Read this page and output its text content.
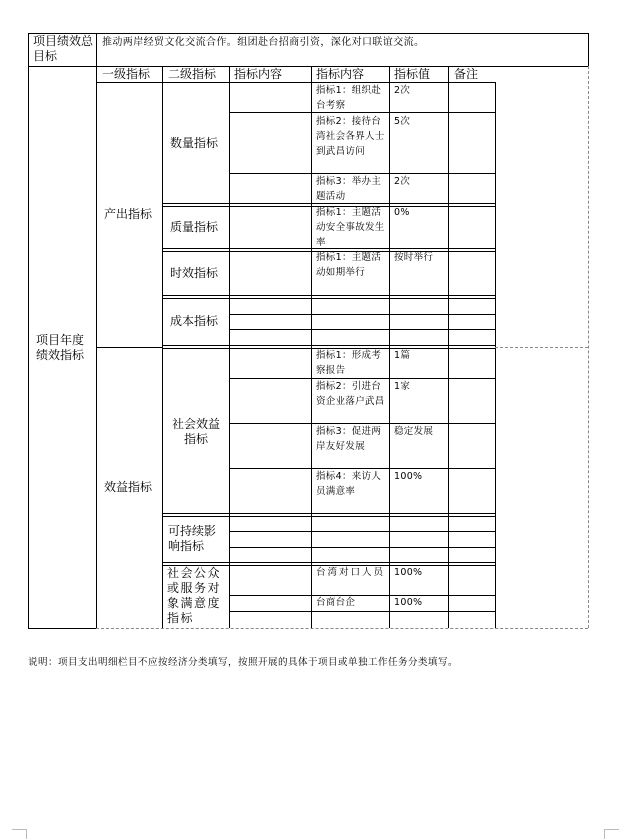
项目绩效总目标
推动两岸经贸文化交流合作。组团赴台招商引资，深化对口联谊交流。
项目年度绩效指标
一级指标 二级指标 指标内容	指标内容 指标值 备注
产出指标
效益指标
数量指标
质量指标
时效指标
成本指标
社会效益指标
可持续影响指标
社会公众或服务对象满意度指标
指标1：组织赴台考察
2次
指标2：接待台湾社会各界人士到武昌访问
5次
指标3：举办主题活动
2次
指标1：主题活动安全事故发生率
0%
指标1：主题活动如期举行
按时举行
指标1：形成考察报告
1篇
指标2：引进台资企业落户武昌
1家
指标3：促进两岸友好发展
稳定发展
指标4：来访人员满意率
100%
台湾对口人员 100%
台商台企	100%
说明：项目支出明细栏目不应按经济分类填写，按照开展的具体于项目或单独工作任务分类填写。
